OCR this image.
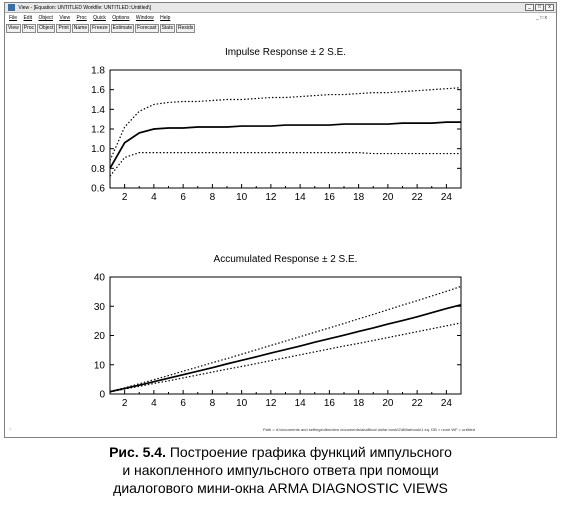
View - [Equation: UNTITLED Workfile: UNTITLED::Untitled\]	_	□	x
File Edit Object View Proc Quick Options Window Help	_ □ x
View	Proc	Object	Print	Name	Freeze	Estimate	Forecast	Stats	Resids
Path = d:\documents and settings\dbs\view documents\analitical dollar book\2\iiiiiliarbook\1 eq. DB = none WF = untitled
⁘
Impulse Response ± 2 S.E.
0.6
0.8
1.0
1.2
1.4
1.6
1.8
2 4 6 8 10 12 14 16 18 20 22 24
Accumulated Response ± 2 S.E.
0
10
20
30
40
2 4 6 8 10 12 14 16 18 20 22 24
Рис. 5.4. Построение графика функций импульсного
и накопленного импульсного ответа при помощи
диалогового мини-окна ARMA DIAGNOSTIC VIEWS
